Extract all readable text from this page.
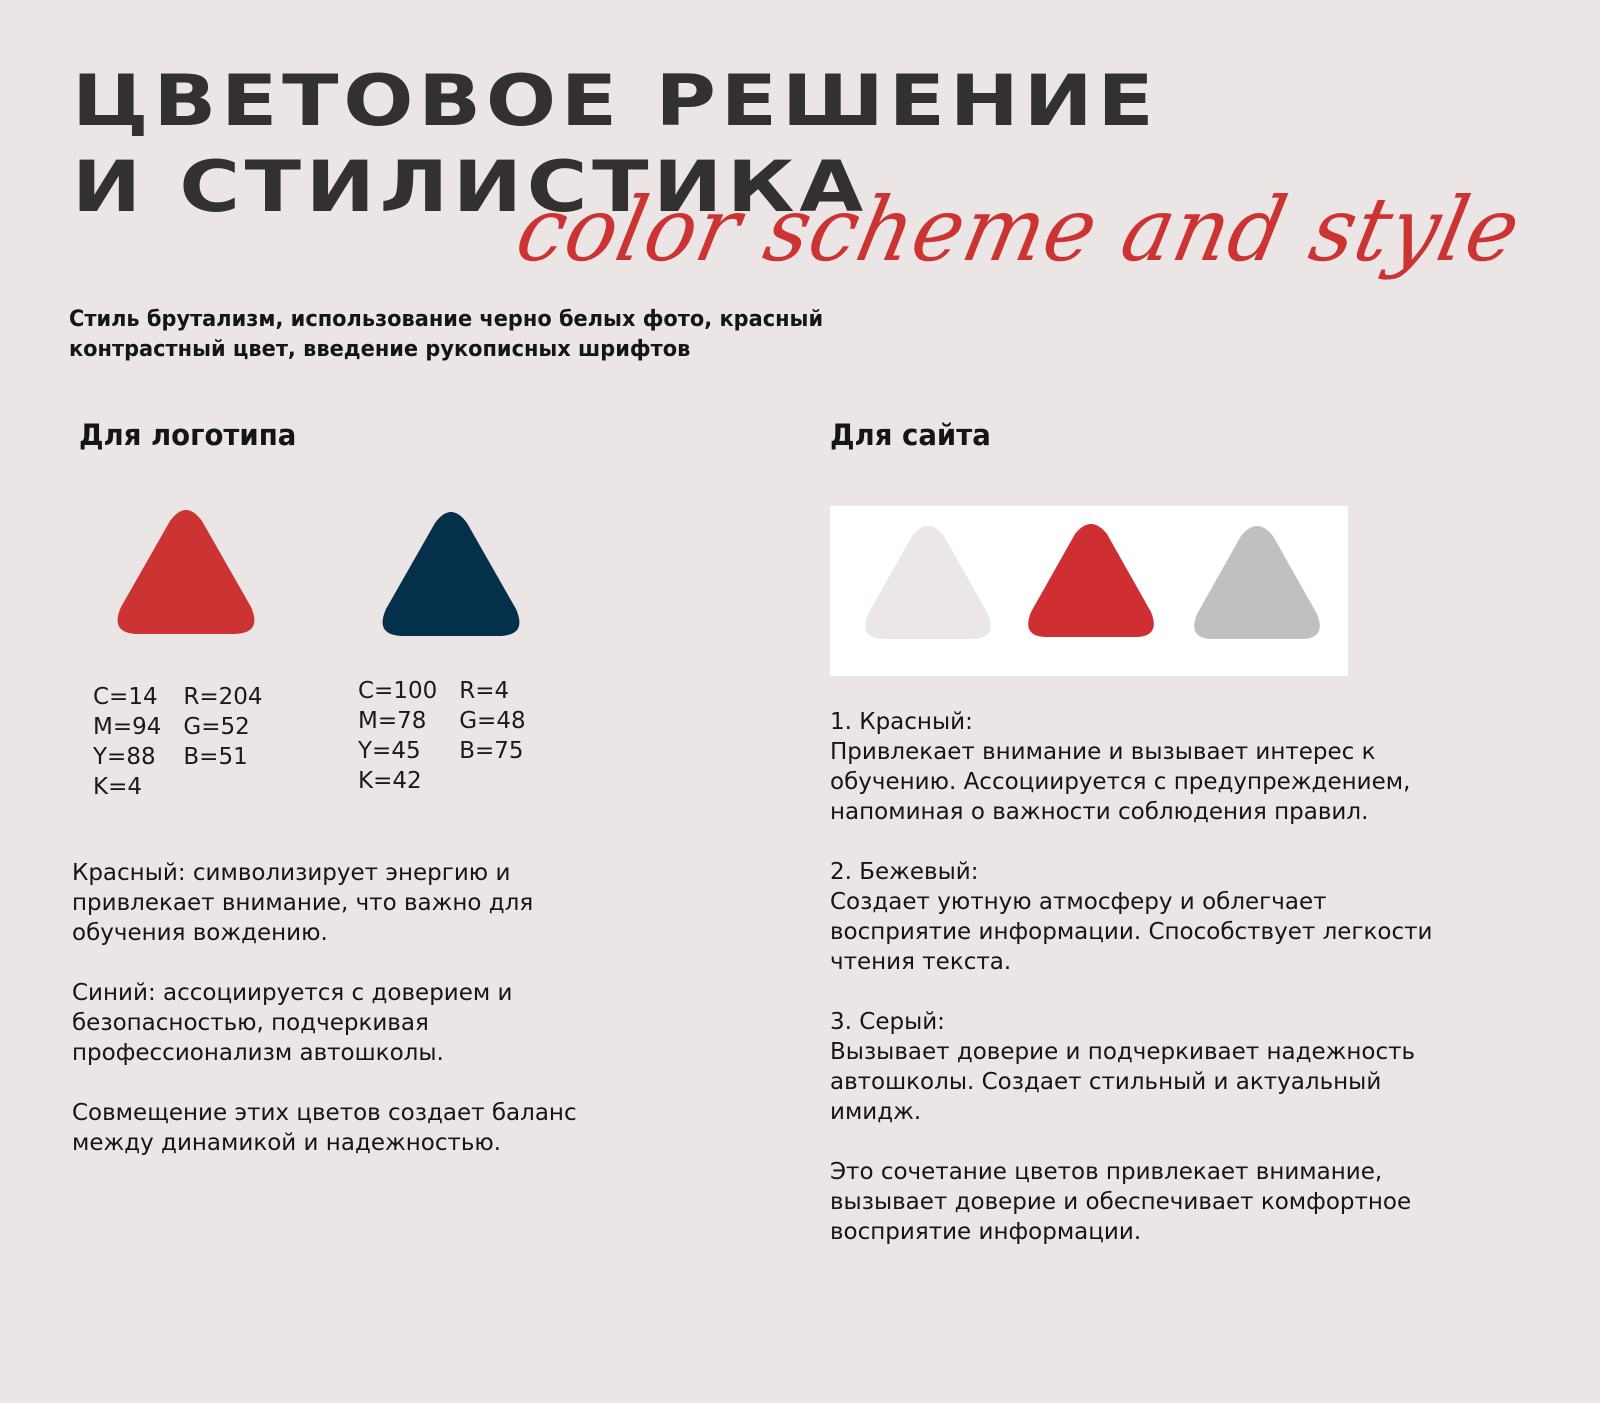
ЦВЕТОВОЕ РЕШЕНИЕ
И СТИЛИСТИКА
color scheme and style
Стиль брутализм, использование черно белых фото, красный
контрастный цвет, введение рукописных шрифтов
Для логотипа	Для сайта
C=14 R=204
M=94 G=52
Y=88 B=51
K=4
C=100 R=4
M=78	G=48
Y=45	B=75
K=42

Красный: символизирует энергию и
привлекает внимание, что важно для
обучения вождению.

Синий: ассоциируется с доверием и
безопасностью, подчеркивая
профессионализм автошколы.

Совмещение этих цветов создает баланс
между динамикой и надежностью.

1. Красный:
Привлекает внимание и вызывает интерес к
обучению. Ассоциируется с предупреждением,
напоминая о важности соблюдения правил.

2. Бежевый:
Создает уютную атмосферу и облегчает
восприятие информации. Способствует легкости
чтения текста.

3. Серый:
Вызывает доверие и подчеркивает надежность
автошколы. Создает стильный и актуальный
имидж.

Это сочетание цветов привлекает внимание,
вызывает доверие и обеспечивает комфортное
восприятие информации.
